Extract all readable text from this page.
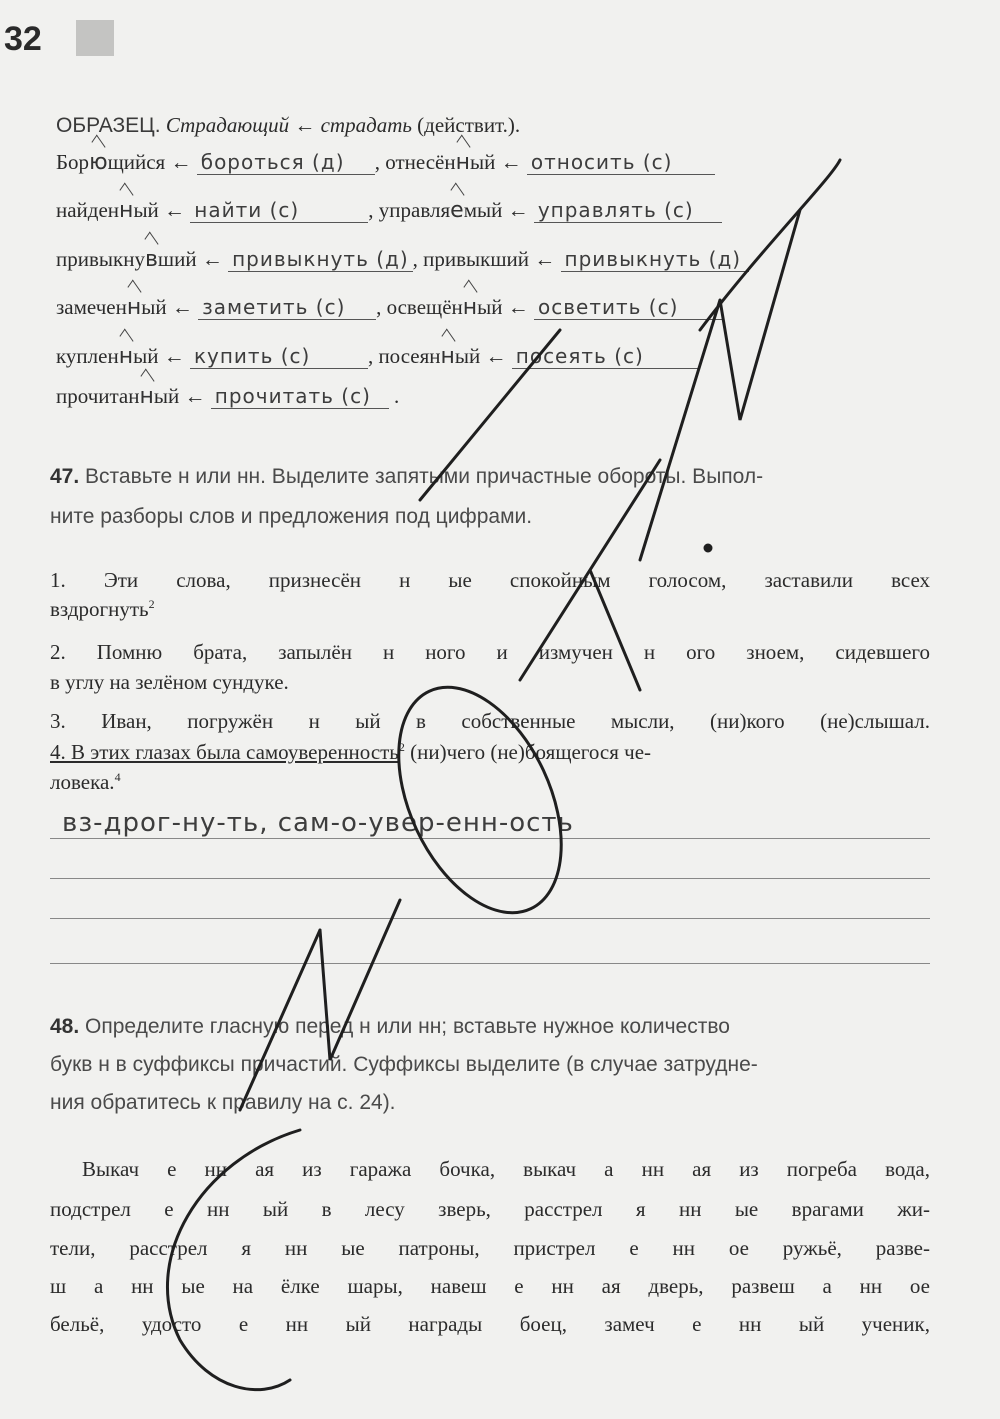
32
ОБРАЗЕЦ. Страдающий ← страдать (действит.).
Борющийся ← бороться (д) , отнесённый ← относить (с)
найденный ← найти (с)	, управляемый ← управлять (с)
привыкнувший ← привыкнуть (д) , привыкший ← привыкнуть (д)
замеченный ← заметить (с) , освещённый ← осветить (с)
купленный ← купить (с)	, посеянный ← посеять (с)
прочитанный ← прочитать (с) .
47. Вставьте н или нн. Выделите запятыми причастные обороты. Выпол-
ните разборы слов и предложения под цифрами.
1. Эти слова, признесён н ые спокойным голосом, заставили всех
вздрогнуть$^2$
2. Помню брата, запылён н ного и измучен н ого зноем, сидевшего
в углу на зелёном сундуке.
3. Иван, погружён н ый в собственные мысли, (ни)кого (не)слышал.
4. В этих глазах была самоуверенность$^2$ (ни)чего (не)боящегося че-
ловека.$^4$
вз-дрог-ну-ть, сам-о-увер-енн-ость
48. Определите гласную перед н или нн; вставьте нужное количество
букв н в суффиксы причастий. Суффиксы выделите (в случае затрудне-
ния обратитесь к правилу на с. 24).
Выкач е нн ая из гаража бочка, выкач а нн ая из погреба вода,
подстрел е нн ый в лесу зверь, расстрел я нн ые врагами жи-
тели, расстрел я нн ые патроны, пристрел е нн ое ружьё, разве-
ш а нн ые на ёлке шары, навеш е нн ая дверь, развеш а нн ое
бельё, удосто е нн ый награды боец, замеч е нн ый ученик,
